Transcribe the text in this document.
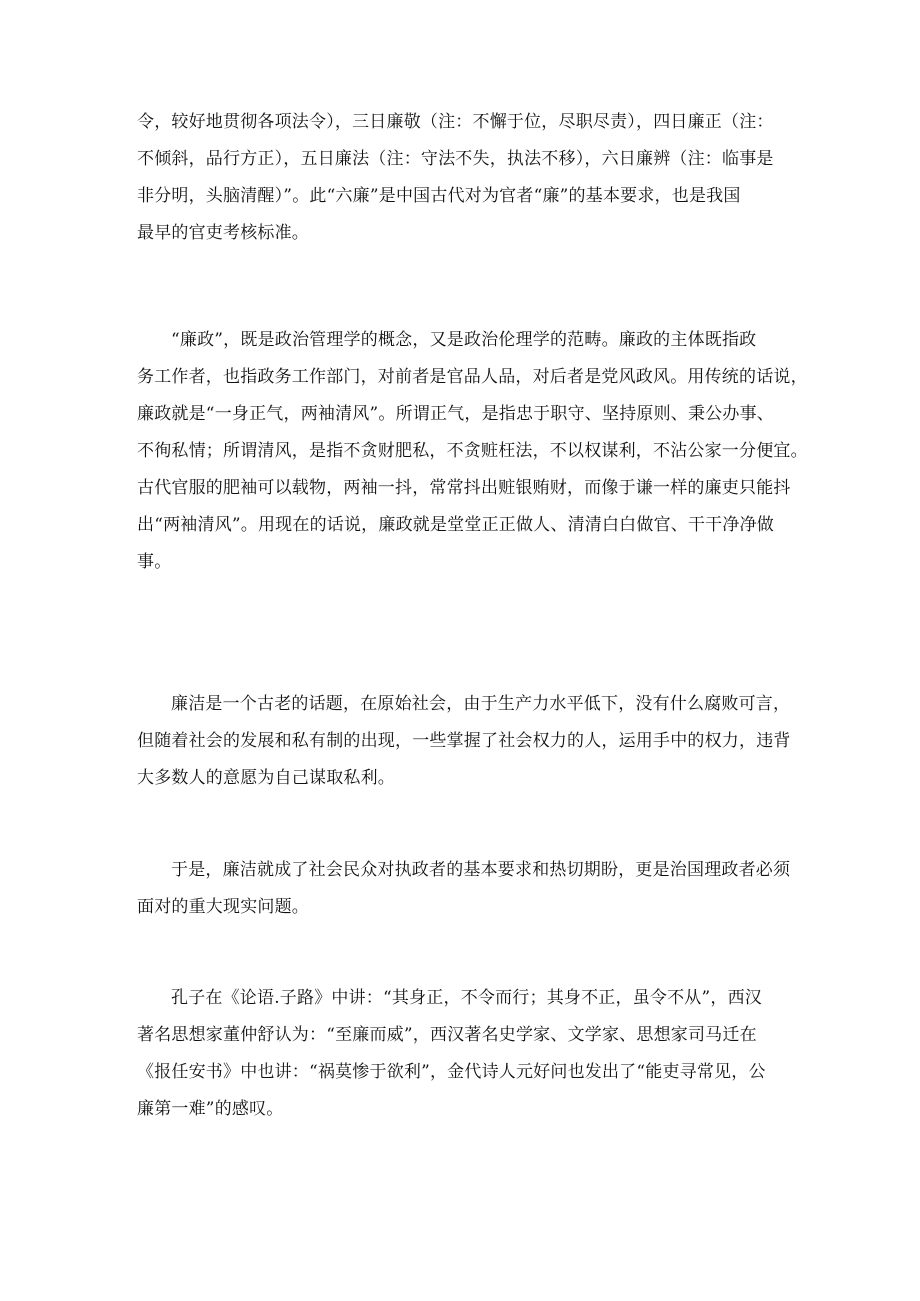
令，较好地贯彻各项法令），三日廉敬（注：不懈于位，尽职尽责），四日廉正（注：
不倾斜，品行方正），五日廉法（注：守法不失，执法不移），六日廉辨（注：临事是
非分明，头脑清醒）”。此“六廉”是中国古代对为官者“廉”的基本要求，也是我国
最早的官吏考核标准。
“廉政”，既是政治管理学的概念，又是政治伦理学的范畴。廉政的主体既指政
务工作者，也指政务工作部门，对前者是官品人品，对后者是党风政风。用传统的话说，
廉政就是“一身正气，两袖清风”。所谓正气，是指忠于职守、坚持原则、秉公办事、
不徇私情；所谓清风，是指不贪财肥私，不贪赃枉法，不以权谋利，不沾公家一分便宜。
古代官服的肥袖可以载物，两袖一抖，常常抖出赃银贿财，而像于谦一样的廉吏只能抖
出“两袖清风”。用现在的话说，廉政就是堂堂正正做人、清清白白做官、干干净净做
事。
廉洁是一个古老的话题，在原始社会，由于生产力水平低下，没有什么腐败可言，
但随着社会的发展和私有制的出现，一些掌握了社会权力的人，运用手中的权力，违背
大多数人的意愿为自己谋取私利。
于是，廉洁就成了社会民众对执政者的基本要求和热切期盼，更是治国理政者必须
面对的重大现实问题。
孔子在《论语.子路》中讲：“其身正，不令而行；其身不正，虽令不从”，西汉
著名思想家董仲舒认为：“至廉而威”，西汉著名史学家、文学家、思想家司马迁在
《报任安书》中也讲：“祸莫惨于欲利”，金代诗人元好问也发出了“能吏寻常见，公
廉第一难”的感叹。
